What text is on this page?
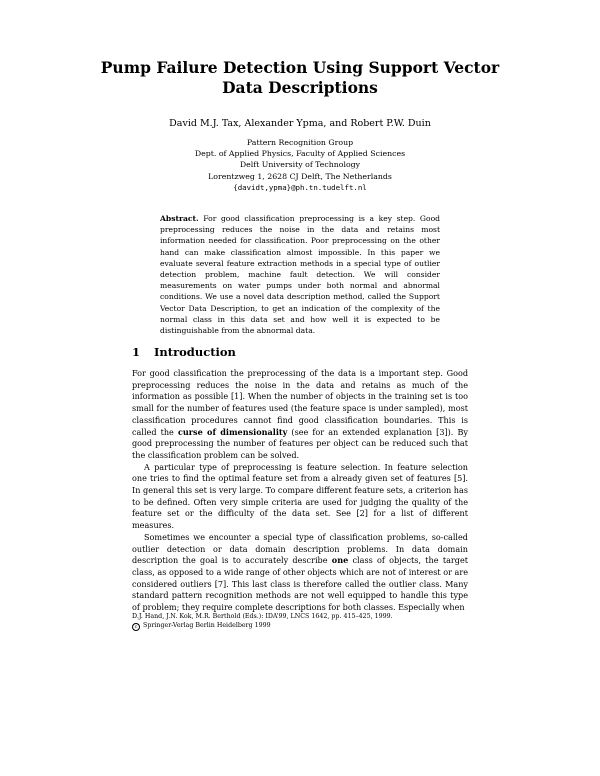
Pump Failure Detection Using Support Vector
Data Descriptions
David M.J. Tax, Alexander Ypma, and Robert P.W. Duin
Pattern Recognition Group
Dept. of Applied Physics, Faculty of Applied Sciences
Delft University of Technology
Lorentzweg 1, 2628 CJ Delft, The Netherlands
{davidt,ypma}@ph.tn.tudelft.nl
Abstract. For good classification preprocessing is a key step. Good preprocessing reduces the noise in the data and retains most information needed for classification. Poor preprocessing on the other hand can make classification almost impossible. In this paper we evaluate several feature extraction methods in a special type of outlier detection problem, machine fault detection. We will consider measurements on water pumps under both normal and abnormal conditions. We use a novel data description method, called the Support Vector Data Description, to get an indication of the complexity of the normal class in this data set and how well it is expected to be distinguishable from the abnormal data.
1 Introduction

For good classification the preprocessing of the data is a important step. Good preprocessing reduces the noise in the data and retains as much of the information as possible [1]. When the number of objects in the training set is too small for the number of features used (the feature space is under sampled), most classification procedures cannot find good classification boundaries. This is called the curse of dimensionality (see for an extended explanation [3]). By good preprocessing the number of features per object can be reduced such that the classification problem can be solved.

A particular type of preprocessing is feature selection. In feature selection one tries to find the optimal feature set from a already given set of features [5]. In general this set is very large. To compare different feature sets, a criterion has to be defined. Often very simple criteria are used for judging the quality of the feature set or the difficulty of the data set. See [2] for a list of different measures.

Sometimes we encounter a special type of classification problems, so-called outlier detection or data domain description problems. In data domain description the goal is to accurately describe one class of objects, the target class, as opposed to a wide range of other objects which are not of interest or are considered outliers [7]. This last class is therefore called the outlier class. Many standard pattern recognition methods are not well equipped to handle this type of problem; they require complete descriptions for both classes. Especially when

D.J. Hand, J.N. Kok, M.R. Berthold (Eds.): IDA’99, LNCS 1642, pp. 415–425, 1999.
c Springer-Verlag Berlin Heidelberg 1999
